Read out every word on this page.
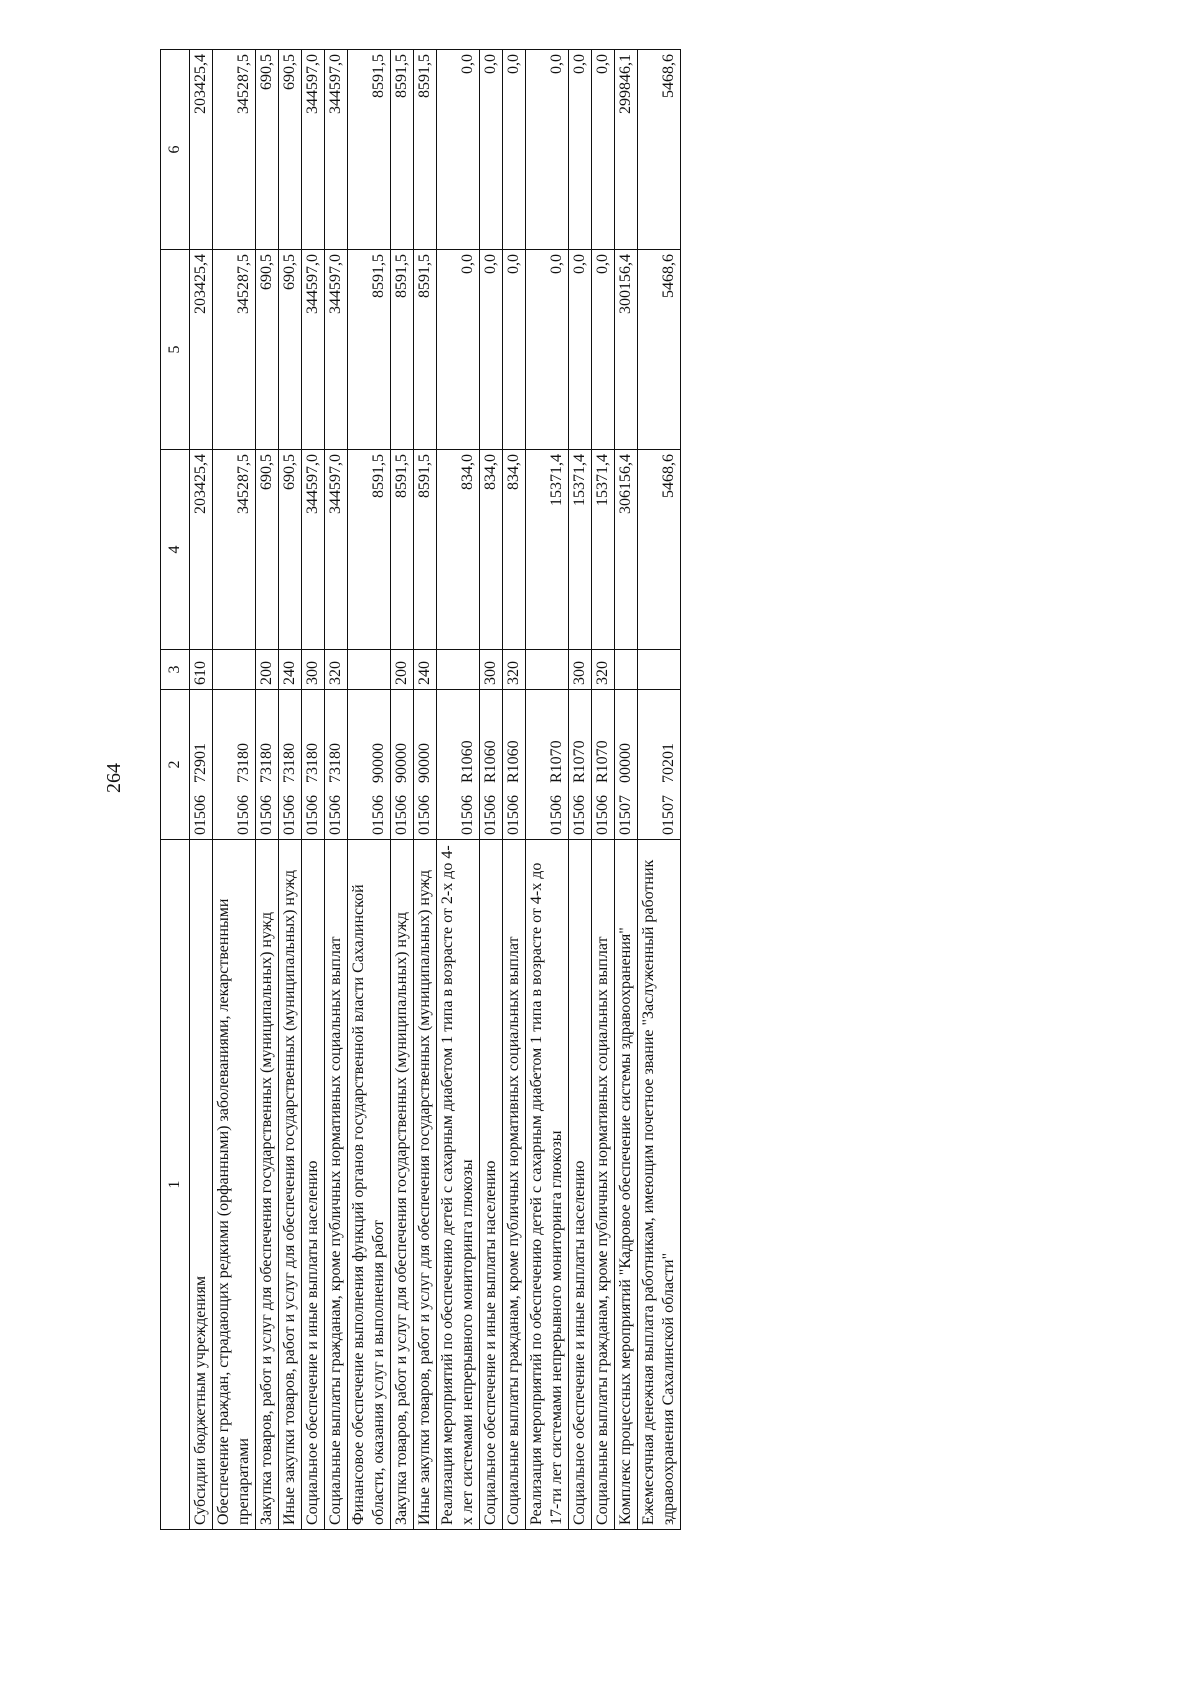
264
1	2	3	4	5	6
Субсидии бюджетным учреждениям	0150672901	610	203425,4	203425,4	203425,4
Обеспечение граждан, страдающих редкими (орфанными) заболеваниями, лекарственными препаратами	0150673180		345287,5	345287,5	345287,5
Закупка товаров, работ и услуг для обеспечения государственных (муниципальных) нужд	0150673180	200	690,5	690,5	690,5
Иные закупки товаров, работ и услуг для обеспечения государственных (муниципальных) нужд	0150673180	240	690,5	690,5	690,5
Социальное обеспечение и иные выплаты населению	0150673180	300	344597,0	344597,0	344597,0
Социальные выплаты гражданам, кроме публичных нормативных социальных выплат	0150673180	320	344597,0	344597,0	344597,0
Финансовое обеспечение выполнения функций органов государственной власти Сахалинской области, оказания услуг и выполнения работ	0150690000		8591,5	8591,5	8591,5
Закупка товаров, работ и услуг для обеспечения государственных (муниципальных) нужд	0150690000	200	8591,5	8591,5	8591,5
Иные закупки товаров, работ и услуг для обеспечения государственных (муниципальных) нужд	0150690000	240	8591,5	8591,5	8591,5
Реализация мероприятий по обеспечению детей с сахарным диабетом 1 типа в возрасте от 2-х до 4-х лет системами непрерывного мониторинга глюкозы	01506R1060		834,0	0,0	0,0
Социальное обеспечение и иные выплаты населению	01506R1060	300	834,0	0,0	0,0
Социальные выплаты гражданам, кроме публичных нормативных социальных выплат	01506R1060	320	834,0	0,0	0,0
Реализация мероприятий по обеспечению детей с сахарным диабетом 1 типа в возрасте от 4-х до 17-ти лет системами непрерывного мониторинга глюкозы	01506R1070		15371,4	0,0	0,0
Социальное обеспечение и иные выплаты населению	01506R1070	300	15371,4	0,0	0,0
Социальные выплаты гражданам, кроме публичных нормативных социальных выплат	01506R1070	320	15371,4	0,0	0,0
Комплекс процессных мероприятий "Кадровое обеспечение системы здравоохранения"	0150700000		306156,4	300156,4	299846,1
Ежемесячная денежная выплата работникам, имеющим почетное звание "Заслуженный работник здравоохранения Сахалинской области"	0150770201		5468,6	5468,6	5468,6
